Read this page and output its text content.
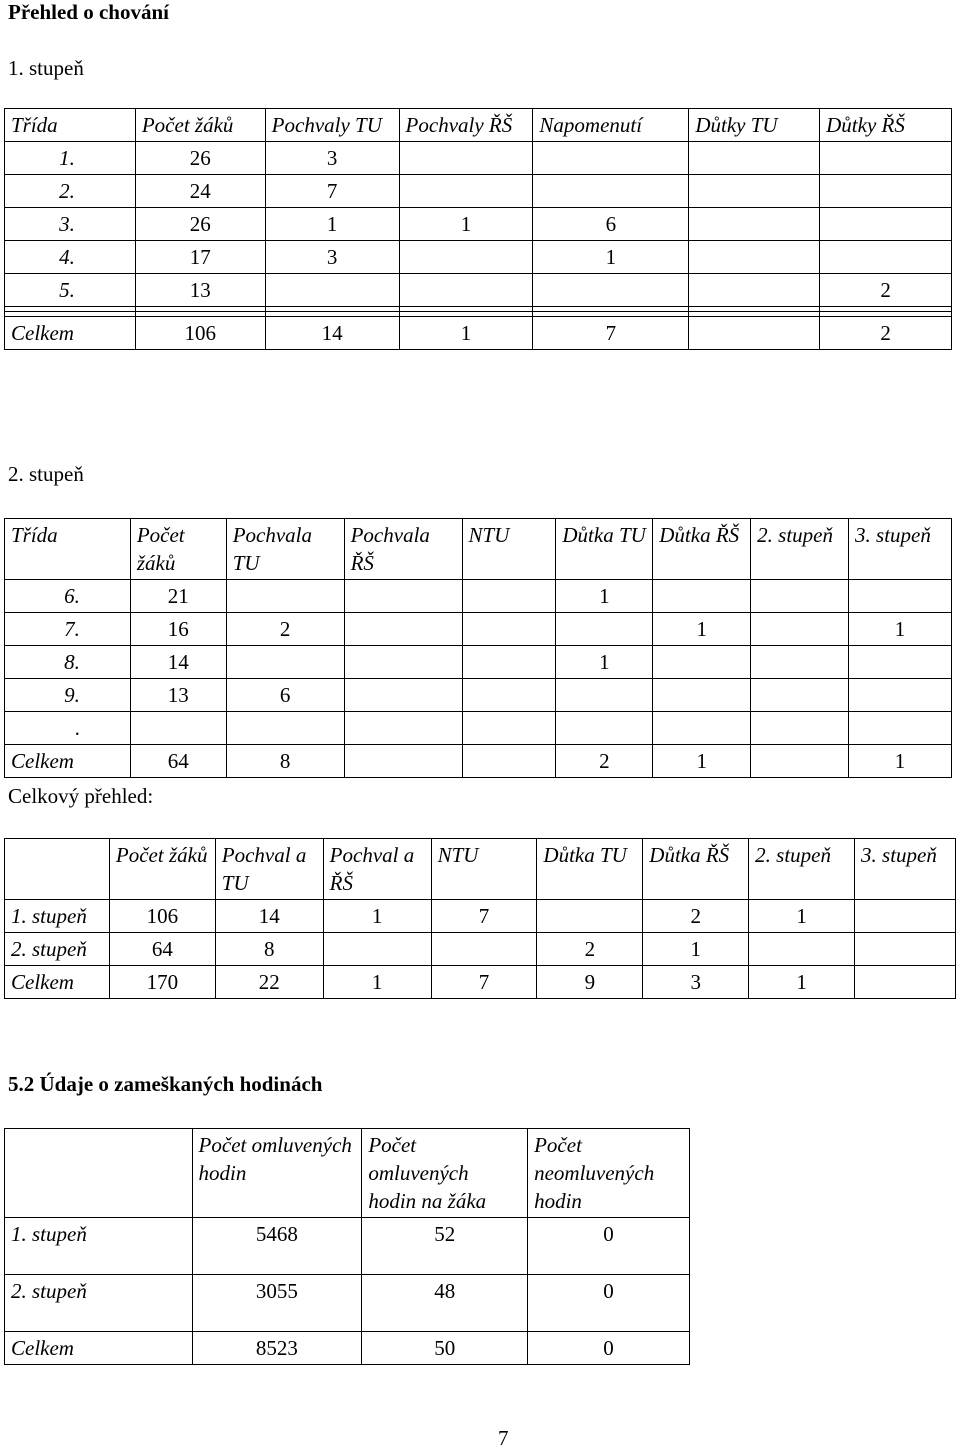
Přehled o chování
1. stupeň
Třída	Počet žáků	Pochvaly TU	Pochvaly ŘŠ	Napomenutí	Důtky TU	Důtky ŘŠ
1.	26	3				
2.	24	7				
3.	26	1	1	6		
4.	17	3		1		
5.	13					2

Celkem	106	14	1	7		2
2. stupeň
Třída	Počet žáků	Pochvala TU	Pochvala ŘŠ	NTU	Důtka TU	Důtka ŘŠ	2. stupeň	3. stupeň
6.	21				1			
7.	16	2				1		1
8.	14				1			
9.	13	6						
.								
Celkem	64	8			2	1		1
Celkový přehled:
	Počet žáků	Pochval a TU	Pochval a ŘŠ	NTU	Důtka TU	Důtka ŘŠ	2. stupeň	3. stupeň
1. stupeň	106	14	1	7		2	1	
2. stupeň	64	8			2	1		
Celkem	170	22	1	7	9	3	1	
5.2 Údaje o zameškaných hodinách
	Počet omluvených hodin	Počet omluvených hodin na žáka	Počet neomluvených hodin
1. stupeň	5468	52	0
2. stupeň	3055	48	0
Celkem	8523	50	0
7
